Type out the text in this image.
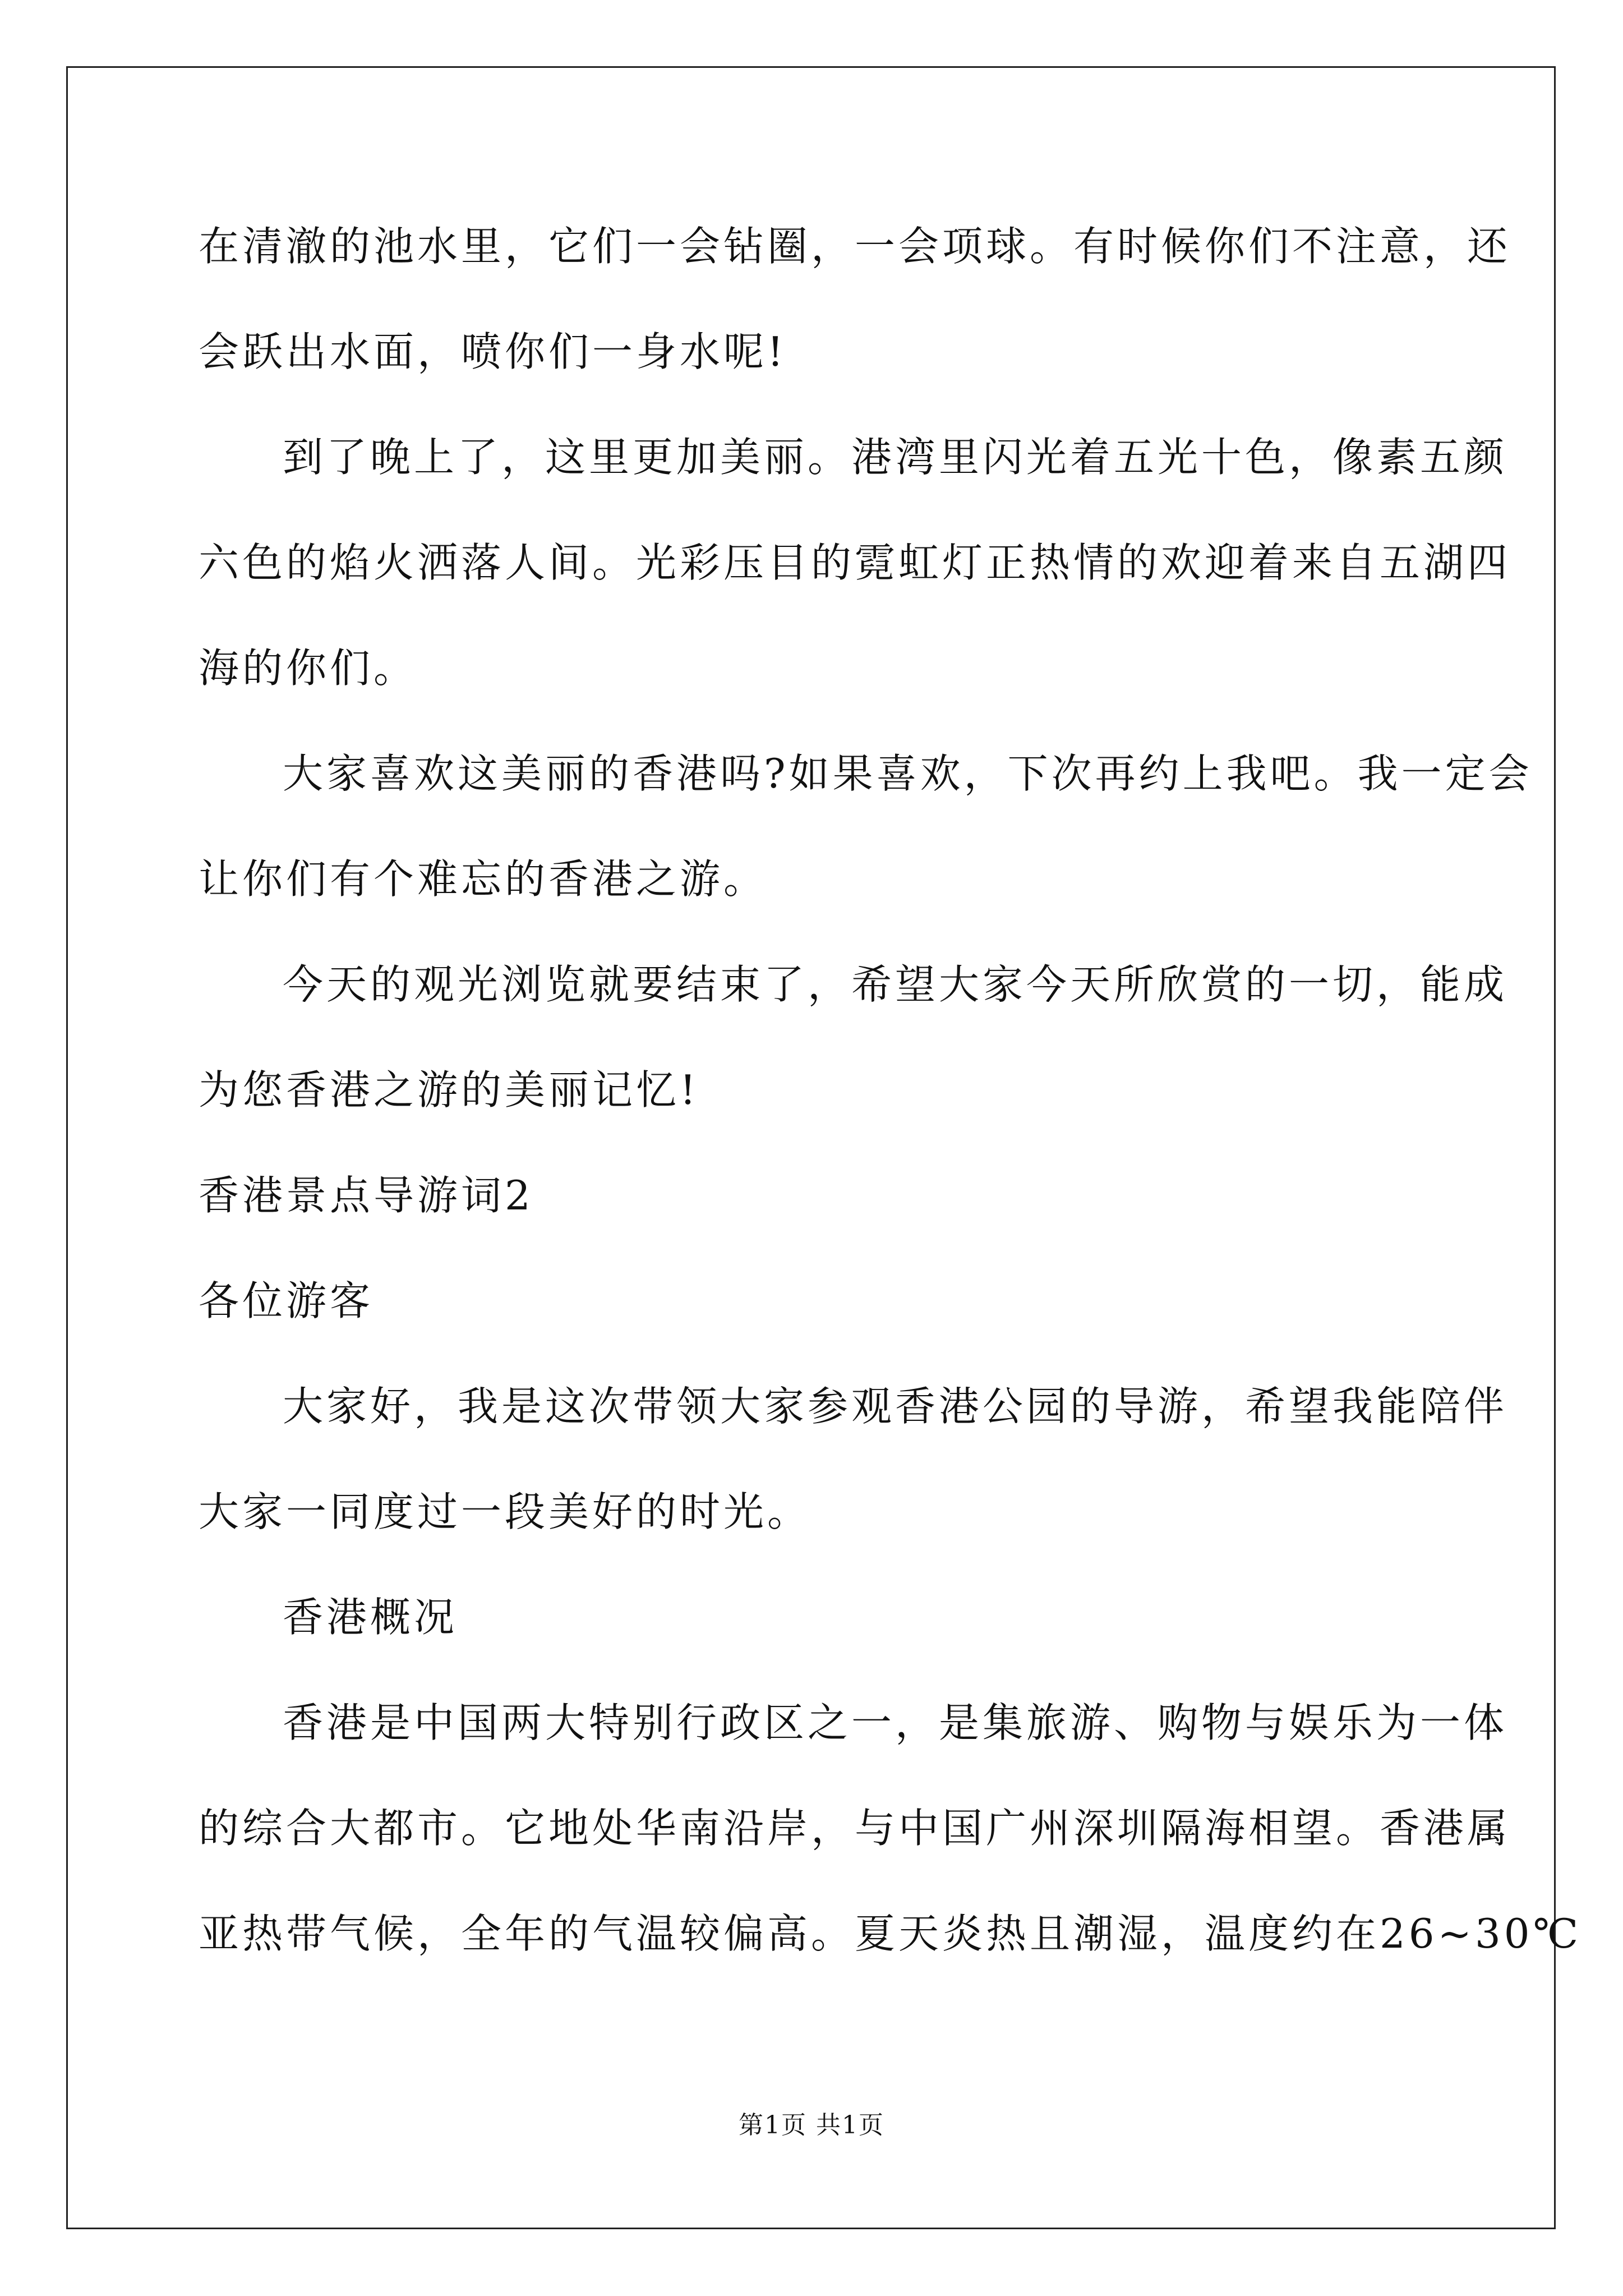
在清澈的池水里，它们一会钻圈，一会项球。有时候你们不注意，还
会跃出水面，喷你们一身水呢!
到了晚上了，这里更加美丽。港湾里闪光着五光十色，像素五颜
六色的焰火洒落人间。光彩压目的霓虹灯正热情的欢迎着来自五湖四
海的你们。
大家喜欢这美丽的香港吗?如果喜欢，下次再约上我吧。我一定会
让你们有个难忘的香港之游。
今天的观光浏览就要结束了，希望大家今天所欣赏的一切，能成
为您香港之游的美丽记忆!
香港景点导游词2
各位游客
大家好，我是这次带领大家参观香港公园的导游，希望我能陪伴
大家一同度过一段美好的时光。
香港概况
香港是中国两大特别行政区之一，是集旅游、购物与娱乐为一体
的综合大都市。它地处华南沿岸，与中国广州深圳隔海相望。香港属
亚热带气候，全年的气温较偏高。夏天炎热且潮湿，温度约在26~30℃
第1页 共1页
